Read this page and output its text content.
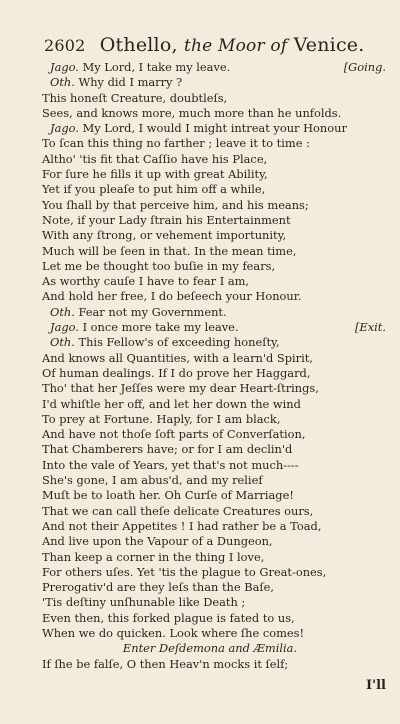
2602 Othello, the Moor of Venice.
Jago. My Lord, I take my leave.	[Going.
Oth. Why did I marry ?
This honeſt Creature, doubtleſs,
Sees, and knows more, much more than he unfolds.
Jago. My Lord, I would I might intreat your Honour
To ſcan this thing no farther ; leave it to time :
Altho' 'tis fit that Caſſio have his Place,
For ſure he fills it up with great Ability,
Yet if you pleaſe to put him off a while,
You ſhall by that perceive him, and his means;
Note, if your Lady ſtrain his Entertainment
With any ſtrong, or vehement importunity,
Much will be ſeen in that. In the mean time,
Let me be thought too buſie in my fears,
As worthy cauſe I have to fear I am,
And hold her free, I do beſeech your Honour.
Oth. Fear not my Government.
Jago. I once more take my leave.	[Exit.
Oth. This Fellow's of exceeding honeſty,
And knows all Quantities, with a learn'd Spirit,
Of human dealings. If I do prove her Haggard,
Tho' that her Jeſſes were my dear Heart-ſtrings,
I'd whiſtle her off, and let her down the wind
To prey at Fortune. Haply, for I am black,
And have not thoſe ſoft parts of Converſation,
That Chamberers have; or for I am declin'd
Into the vale of Years, yet that's not much----
She's gone, I am abus'd, and my relief
Muſt be to loath her. Oh Curſe of Marriage!
That we can call theſe delicate Creatures ours,
And not their Appetites ! I had rather be a Toad,
And live upon the Vapour of a Dungeon,
Than keep a corner in the thing I love,
For others uſes. Yet 'tis the plague to Great-ones,
Prerogativ'd are they leſs than the Baſe,
'Tis deſtiny unſhunable like Death ;
Even then, this forked plague is fated to us,
When we do quicken. Look where ſhe comes!
Enter Deſdemona and Æmilia.
If ſhe be falſe, O then Heav'n mocks it ſelf;
I'll
